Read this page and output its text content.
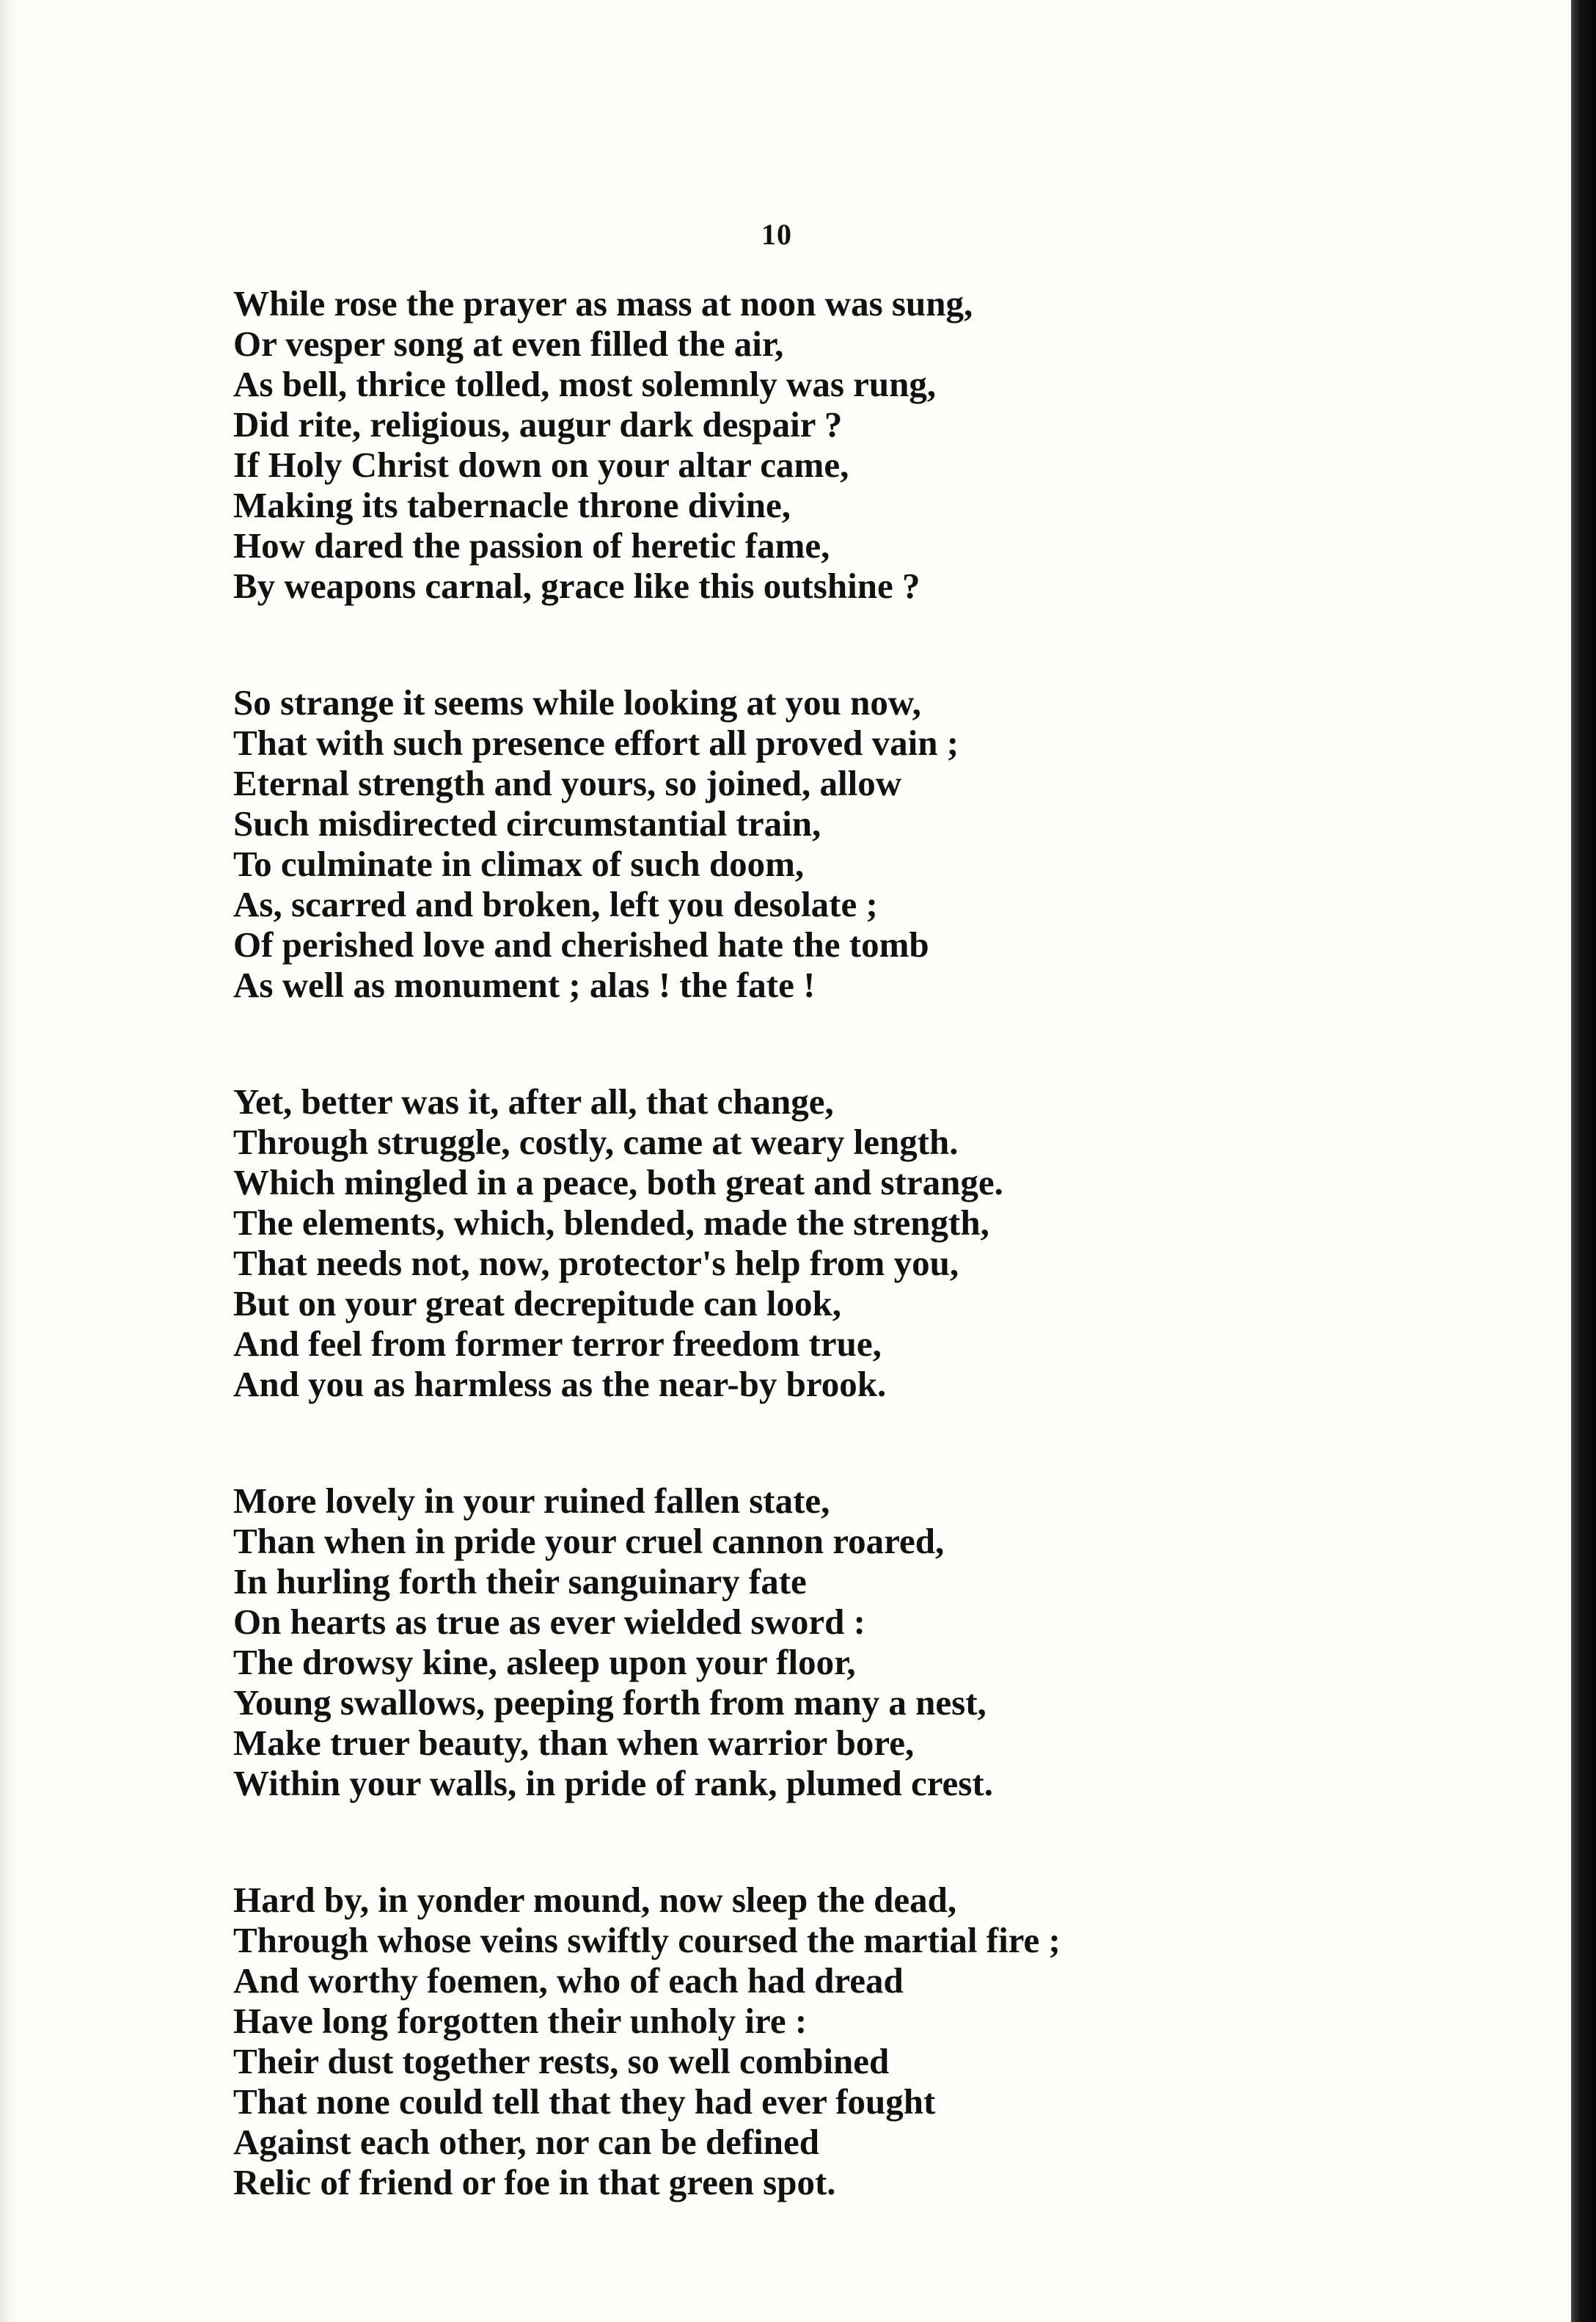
10
While rose the prayer as mass at noon was sung,
Or vesper song at even filled the air,
As bell, thrice tolled, most solemnly was rung,
Did rite, religious, augur dark despair ?
If Holy Christ down on your altar came,
Making its tabernacle throne divine,
How dared the passion of heretic fame,
By weapons carnal, grace like this outshine ?
So strange it seems while looking at you now,
That with such presence effort all proved vain ;
Eternal strength and yours, so joined, allow
Such misdirected circumstantial train,
To culminate in climax of such doom,
As, scarred and broken, left you desolate ;
Of perished love and cherished hate the tomb
As well as monument ; alas ! the fate !
Yet, better was it, after all, that change,
Through struggle, costly, came at weary length.
Which mingled in a peace, both great and strange.
The elements, which, blended, made the strength,
That needs not, now, protector's help from you,
But on your great decrepitude can look,
And feel from former terror freedom true,
And you as harmless as the near-by brook.
More lovely in your ruined fallen state,
Than when in pride your cruel cannon roared,
In hurling forth their sanguinary fate
On hearts as true as ever wielded sword :
The drowsy kine, asleep upon your floor,
Young swallows, peeping forth from many a nest,
Make truer beauty, than when warrior bore,
Within your walls, in pride of rank, plumed crest.
Hard by, in yonder mound, now sleep the dead,
Through whose veins swiftly coursed the martial fire ;
And worthy foemen, who of each had dread
Have long forgotten their unholy ire :
Their dust together rests, so well combined
That none could tell that they had ever fought
Against each other, nor can be defined
Relic of friend or foe in that green spot.
